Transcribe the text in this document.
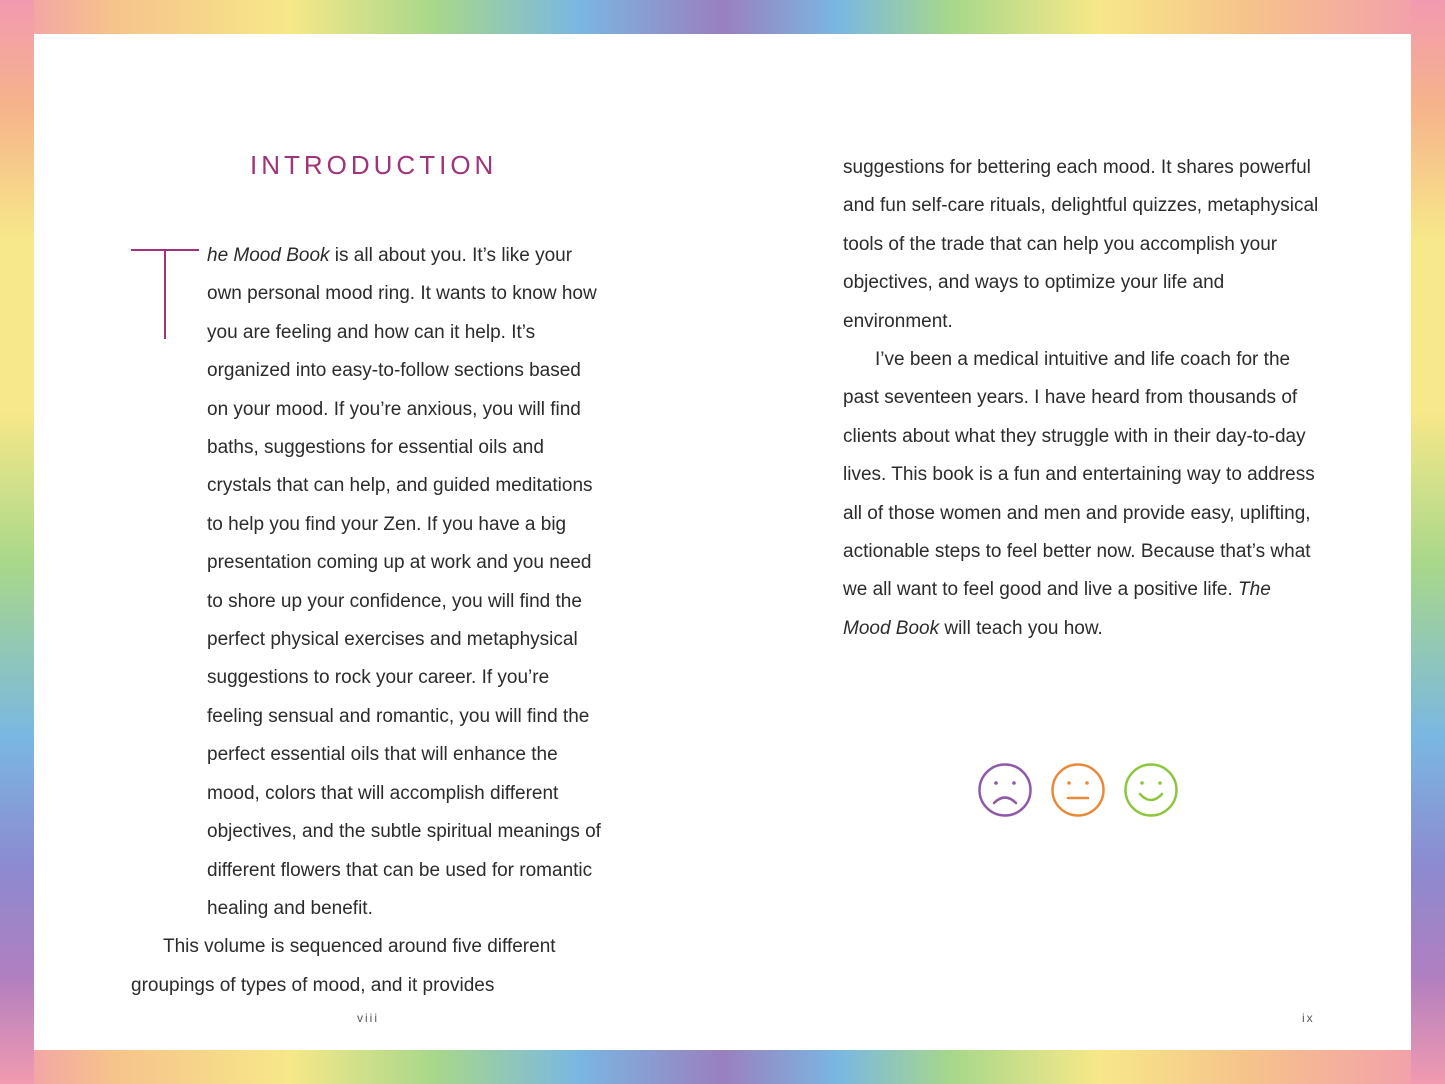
INTRODUCTION

he Mood Book is all about you. It’s like your own personal mood ring. It wants to know how you are feeling and how can it help. It’s organized into easy-to-follow sections based on your mood. If you’re anxious, you will find baths, suggestions for essential oils and crystals that can help, and guided meditations to help you find your Zen. If you have a big presentation coming up at work and you need to shore up your confidence, you will find the perfect physical exercises and metaphysical suggestions to rock your career. If you’re feeling sensual and romantic, you will find the perfect essential oils that will enhance the mood, colors that will accomplish different objectives, and the subtle spiritual meanings of different flowers that can be used for romantic healing and benefit.

This volume is sequenced around five different groupings of types of mood, and it provides

suggestions for bettering each mood. It shares powerful and fun self-care rituals, delightful quizzes, metaphysical tools of the trade that can help you accomplish your objectives, and ways to optimize your life and environment.

I’ve been a medical intuitive and life coach for the past seventeen years. I have heard from thousands of clients about what they struggle with in their day-to-day lives. This book is a fun and entertaining way to address all of those women and men and provide easy, uplifting, actionable steps to feel better now. Because that’s what we all want to feel good and live a positive life. The Mood Book will teach you how.

viii	ix
